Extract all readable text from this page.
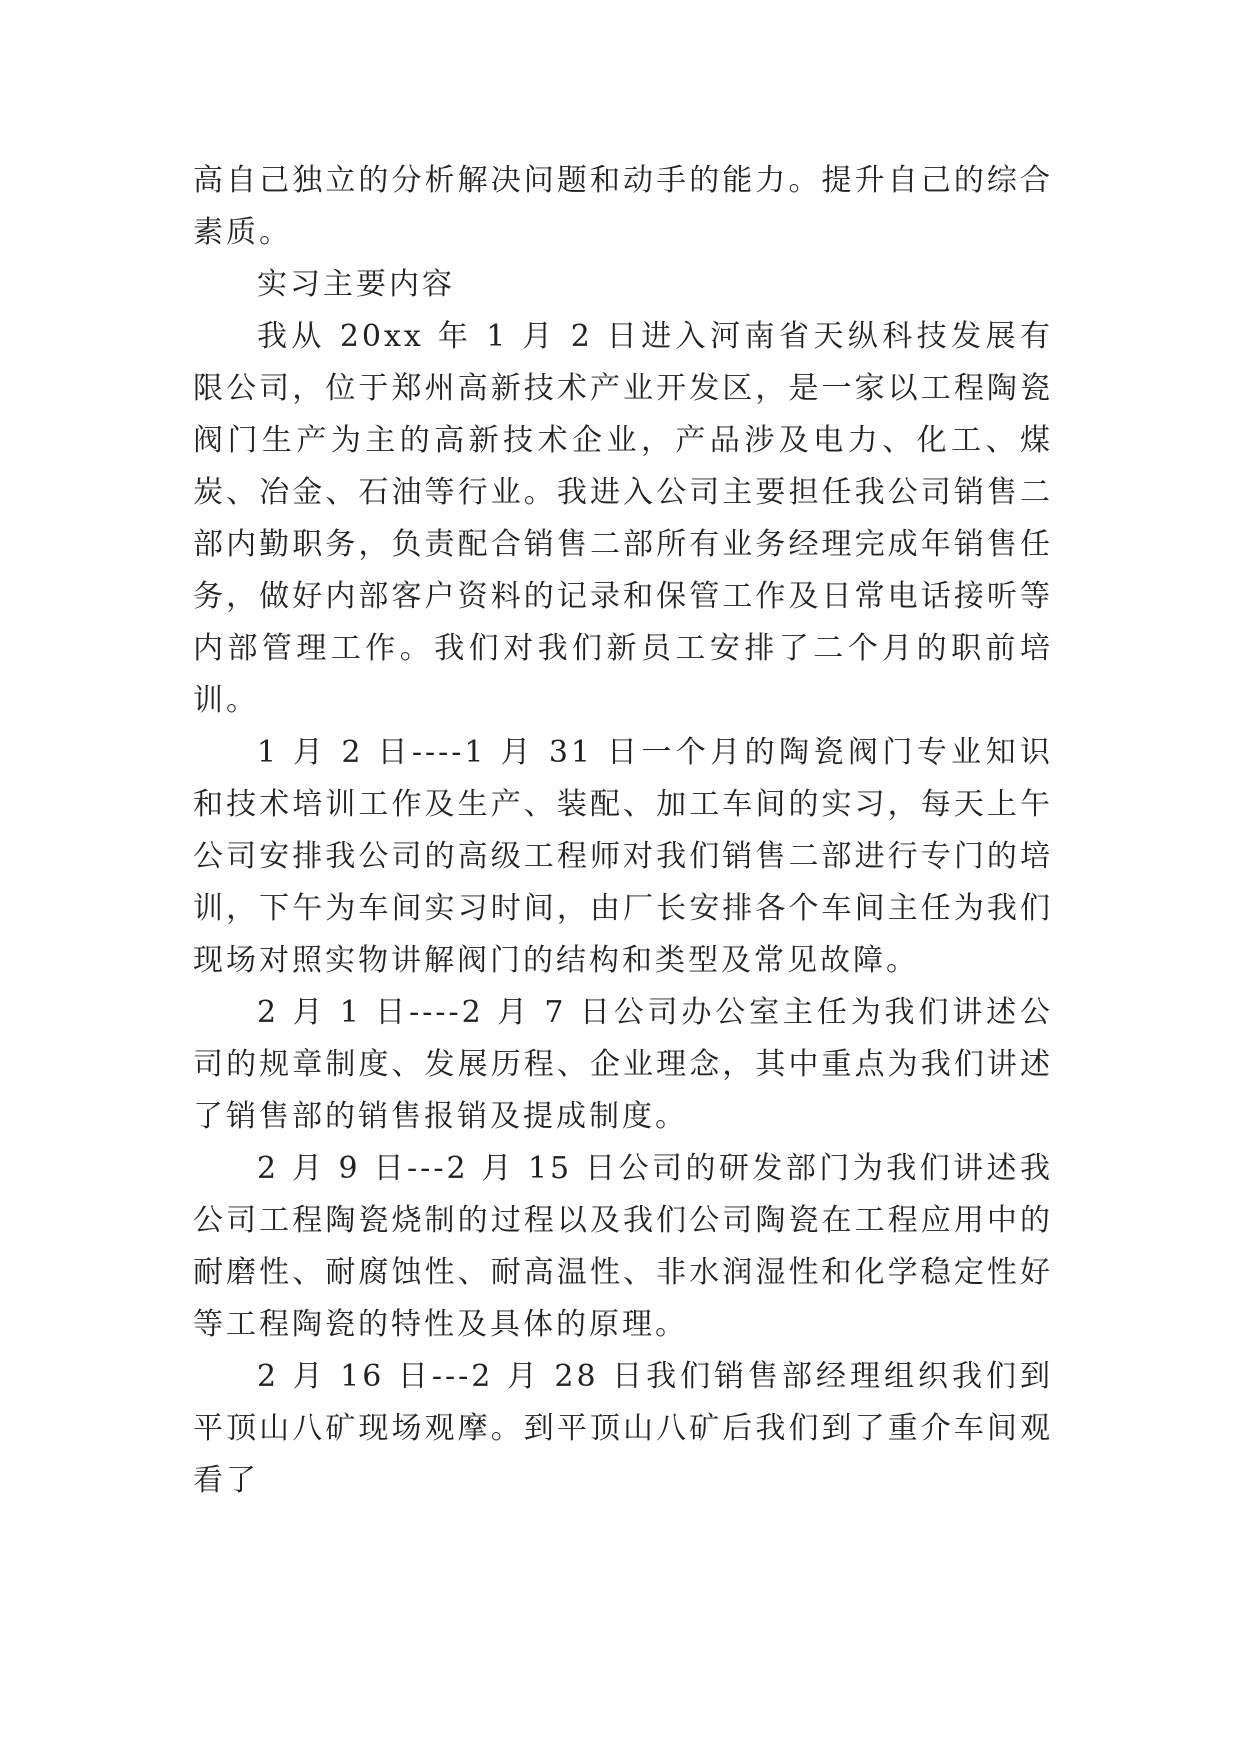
高自己独立的分析解决问题和动手的能力。提升自己的综合素质。

实习主要内容

我从 20xx 年 1 月 2 日进入河南省天纵科技发展有限公司，位于郑州高新技术产业开发区，是一家以工程陶瓷阀门生产为主的高新技术企业，产品涉及电力、化工、煤炭、冶金、石油等行业。我进入公司主要担任我公司销售二部内勤职务，负责配合销售二部所有业务经理完成年销售任务，做好内部客户资料的记录和保管工作及日常电话接听等内部管理工作。我们对我们新员工安排了二个月的职前培训。

1 月 2 日----1 月 31 日一个月的陶瓷阀门专业知识和技术培训工作及生产、装配、加工车间的实习，每天上午公司安排我公司的高级工程师对我们销售二部进行专门的培训，下午为车间实习时间，由厂长安排各个车间主任为我们现场对照实物讲解阀门的结构和类型及常见故障。

2 月 1 日----2 月 7 日公司办公室主任为我们讲述公司的规章制度、发展历程、企业理念，其中重点为我们讲述了销售部的销售报销及提成制度。

2 月 9 日---2 月 15 日公司的研发部门为我们讲述我公司工程陶瓷烧制的过程以及我们公司陶瓷在工程应用中的耐磨性、耐腐蚀性、耐高温性、非水润湿性和化学稳定性好等工程陶瓷的特性及具体的原理。

2 月 16 日---2 月 28 日我们销售部经理组织我们到平顶山八矿现场观摩。到平顶山八矿后我们到了重介车间观看了
